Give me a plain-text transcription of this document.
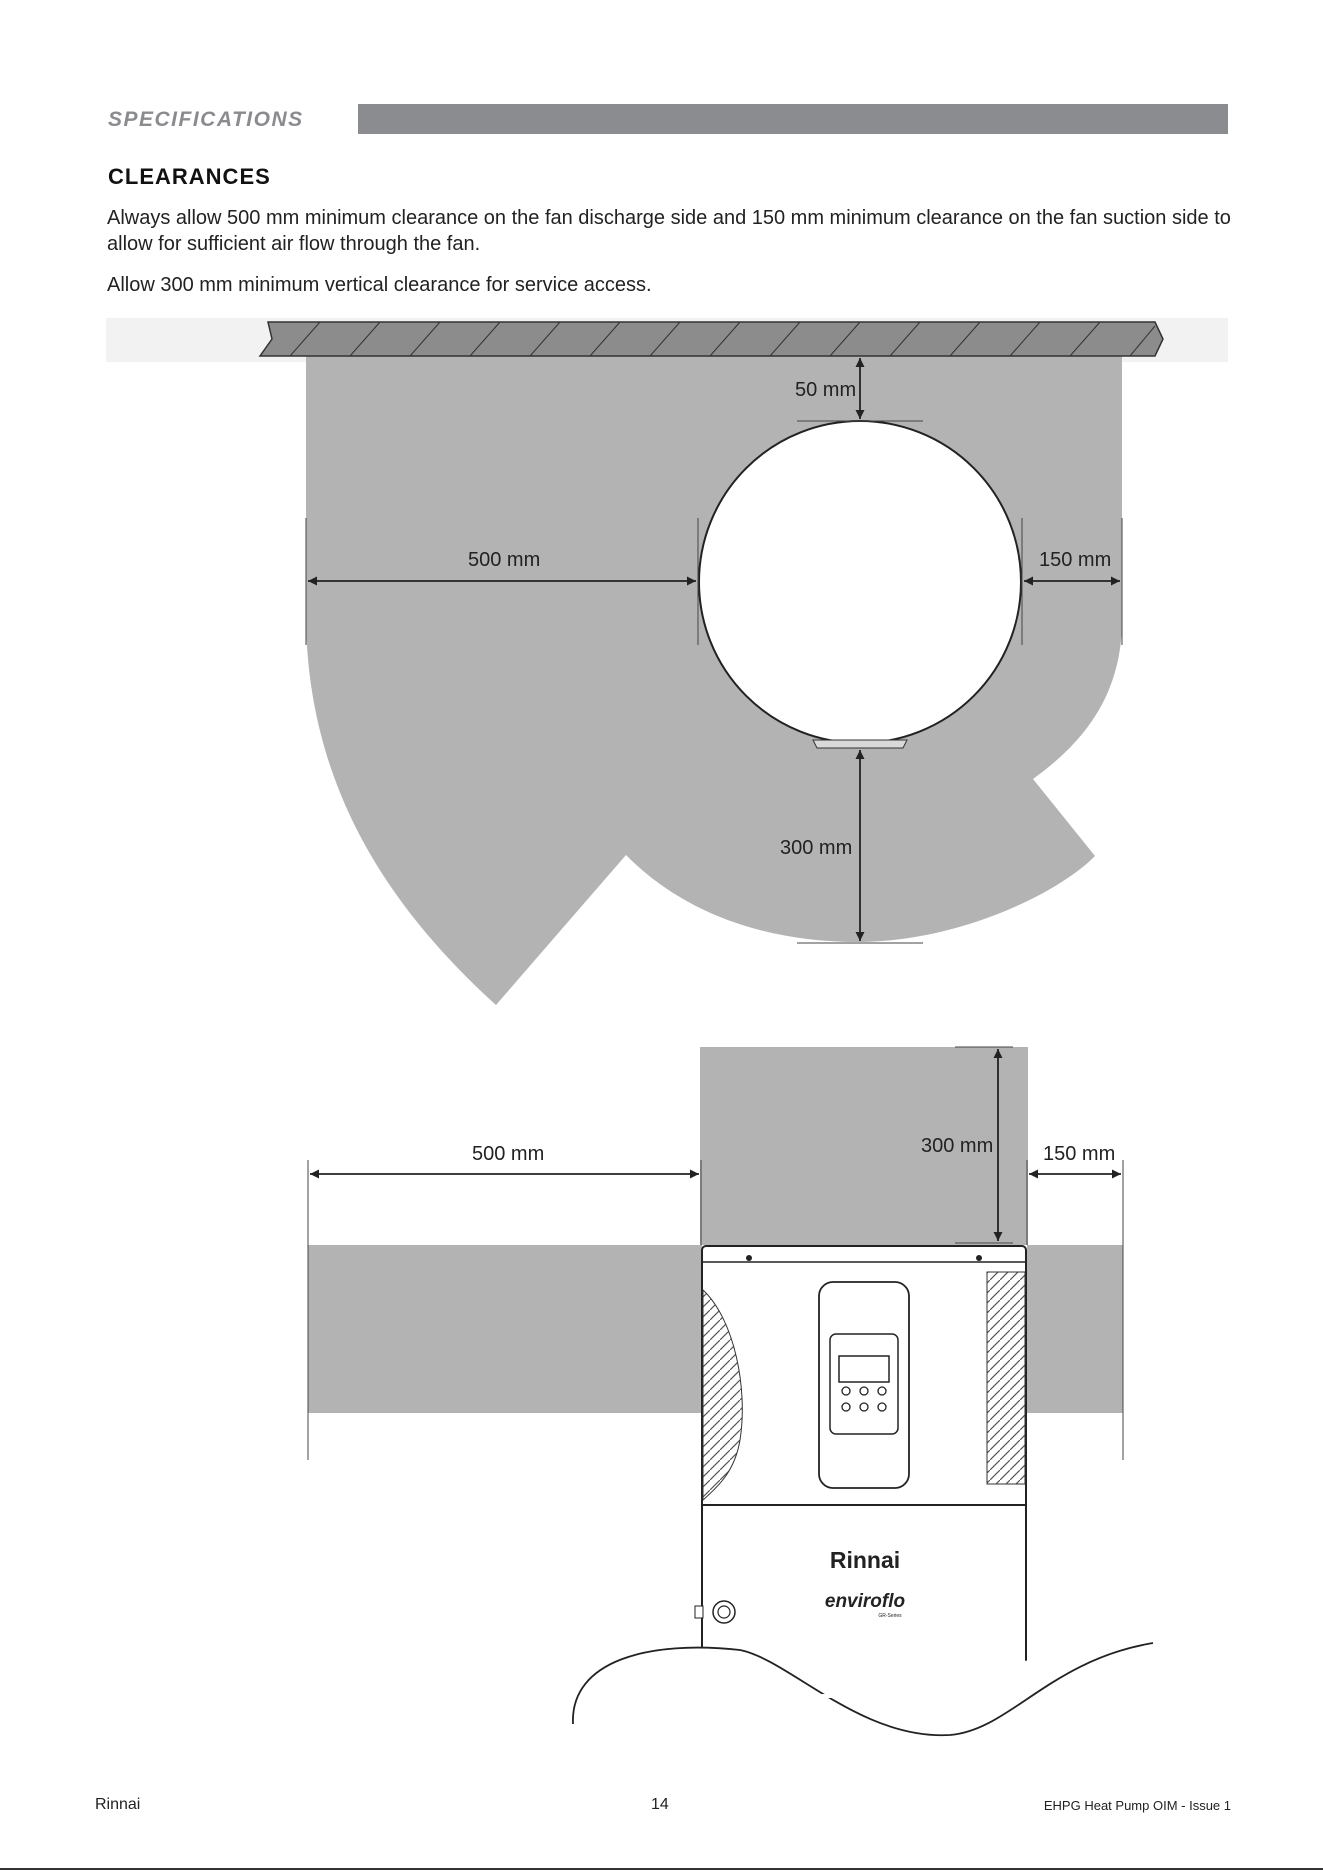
SPECIFICATIONS
CLEARANCES

Always allow 500 mm minimum clearance on the fan discharge side and 150 mm minimum clearance on the fan suction side to allow for sufficient air flow through the fan.

Allow 300 mm minimum vertical clearance for service access.

500 mm	150 mm
50 mm
300 mm
500 mm	300 mm 150 mm
Rinnai
enviroflo
GR-Series
Rinnai	14	EHPG Heat Pump OIM - Issue 1
